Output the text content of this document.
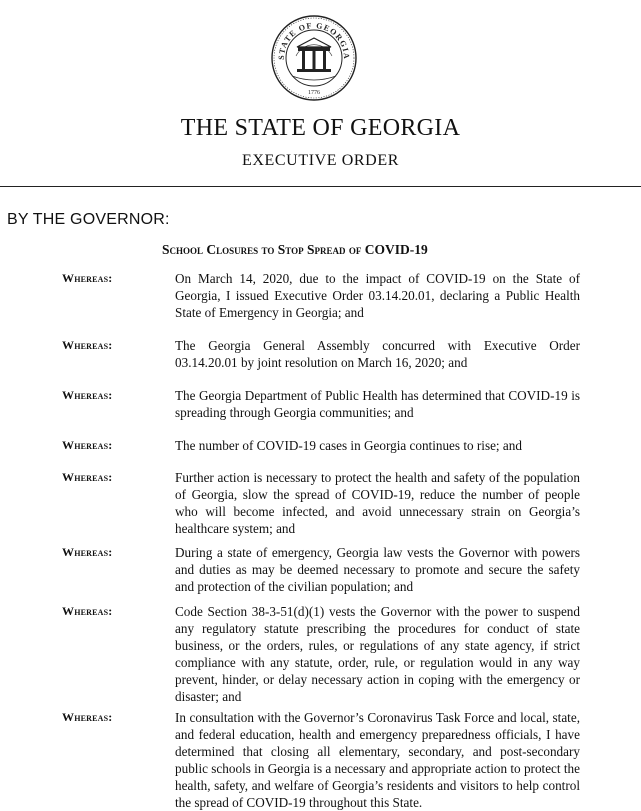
STATE OF GEORGIA
1776
THE STATE OF GEORGIA
EXECUTIVE ORDER
BY THE GOVERNOR:
School Closures to Stop Spread of COVID-19
Whereas:	On March 14, 2020, due to the impact of COVID-19 on the State of Georgia, I issued Executive Order 03.14.20.01, declaring a Public Health State of Emergency in Georgia; and
Whereas:	The Georgia General Assembly concurred with Executive Order 03.14.20.01 by joint resolution on March 16, 2020; and
Whereas:	The Georgia Department of Public Health has determined that COVID-19 is spreading through Georgia communities; and
Whereas:	The number of COVID-19 cases in Georgia continues to rise; and
Whereas:	Further action is necessary to protect the health and safety of the population of Georgia, slow the spread of COVID-19, reduce the number of people who will become infected, and avoid unnecessary strain on Georgia’s healthcare system; and
Whereas:	During a state of emergency, Georgia law vests the Governor with powers and duties as may be deemed necessary to promote and secure the safety and protection of the civilian population; and
Whereas:	Code Section 38-3-51(d)(1) vests the Governor with the power to suspend any regulatory statute prescribing the procedures for conduct of state business, or the orders, rules, or regulations of any state agency, if strict compliance with any statute, order, rule, or regulation would in any way prevent, hinder, or delay necessary action in coping with the emergency or disaster; and
Whereas:	In consultation with the Governor’s Coronavirus Task Force and local, state, and federal education, health and emergency preparedness officials, I have determined that closing all elementary, secondary, and post-secondary public schools in Georgia is a necessary and appropriate action to protect the health, safety, and welfare of Georgia’s residents and visitors to help control the spread of COVID-19 throughout this State.
